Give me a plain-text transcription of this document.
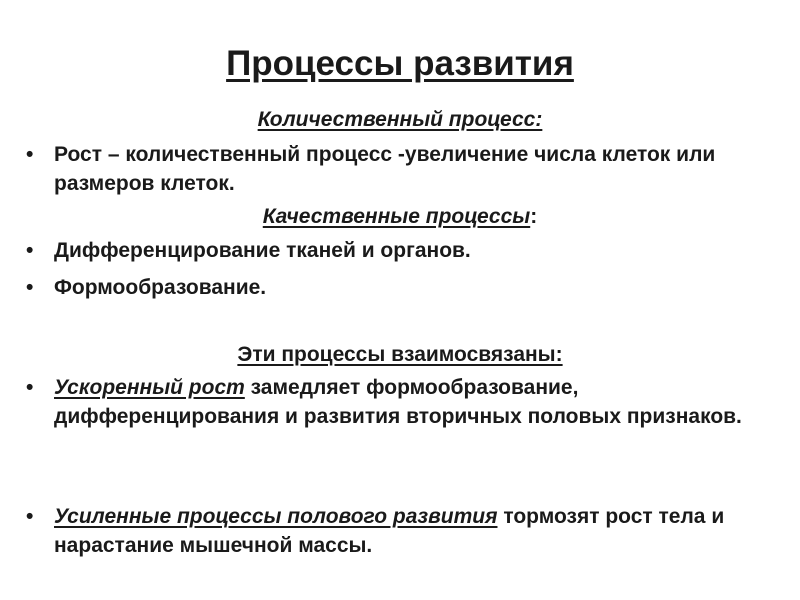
Процессы развития
Количественный процесс:
• Рост – количественный процесс -увеличение числа клеток или размеров клеток.
Качественные процессы:
• Дифференцирование тканей и органов.
• Формообразование.
Эти процессы взаимосвязаны:
• Ускоренный рост замедляет формообразование, дифференцирования и развития вторичных половых признаков.
• Усиленные процессы полового развития тормозят рост тела и нарастание мышечной массы.
